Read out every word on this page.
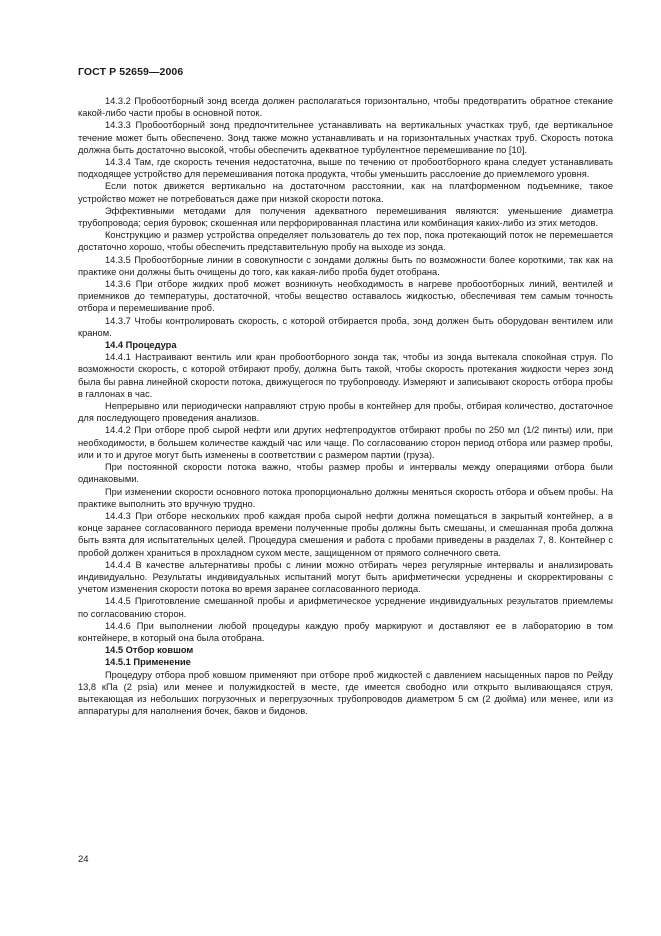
ГОСТ Р 52659—2006

14.3.2 Пробоотборный зонд всегда должен располагаться горизонтально, чтобы предотвратить обратное стекание какой-либо части пробы в основной поток.

14.3.3 Пробоотборный зонд предпочтительнее устанавливать на вертикальных участках труб, где вертикальное течение может быть обеспечено. Зонд также можно устанавливать и на горизонтальных участках труб. Скорость потока должна быть достаточно высокой, чтобы обеспечить адекватное турбулентное перемешивание по [10].

14.3.4 Там, где скорость течения недостаточна, выше по течению от пробоотборного крана следует устанавливать подходящее устройство для перемешивания потока продукта, чтобы уменьшить расслоение до приемлемого уровня.

Если поток движется вертикально на достаточном расстоянии, как на платформенном подъемнике, такое устройство может не потребоваться даже при низкой скорости потока.

Эффективными методами для получения адекватного перемешивания являются: уменьшение диаметра трубопровода; серия буровок; скошенная или перфорированная пластина или комбинация каких-либо из этих методов.

Конструкцию и размер устройства определяет пользователь до тех пор, пока протекающий поток не перемешается достаточно хорошо, чтобы обеспечить представительную пробу на выходе из зонда.

14.3.5 Пробоотборные линии в совокупности с зондами должны быть по возможности более короткими, так как на практике они должны быть очищены до того, как какая-либо проба будет отобрана.

14.3.6 При отборе жидких проб может возникнуть необходимость в нагреве пробоотборных линий, вентилей и приемников до температуры, достаточной, чтобы вещество оставалось жидкостью, обеспечивая тем самым точность отбора и перемешивание проб.

14.3.7 Чтобы контролировать скорость, с которой отбирается проба, зонд должен быть оборудован вентилем или краном.

14.4 Процедура

14.4.1 Настраивают вентиль или кран пробоотборного зонда так, чтобы из зонда вытекала спокойная струя. По возможности скорость, с которой отбирают пробу, должна быть такой, чтобы скорость протекания жидкости через зонд была бы равна линейной скорости потока, движущегося по трубопроводу. Измеряют и записывают скорость отбора пробы в галлонах в час.

Непрерывно или периодически направляют струю пробы в контейнер для пробы, отбирая количество, достаточное для последующего проведения анализов.

14.4.2 При отборе проб сырой нефти или других нефтепродуктов отбирают пробы по 250 мл (1/2 пинты) или, при необходимости, в большем количестве каждый час или чаще. По согласованию сторон период отбора или размер пробы, или и то и другое могут быть изменены в соответствии с размером партии (груза).

При постоянной скорости потока важно, чтобы размер пробы и интервалы между операциями отбора были одинаковыми.

При изменении скорости основного потока пропорционально должны меняться скорость отбора и объем пробы. На практике выполнить это вручную трудно.

14.4.3 При отборе нескольких проб каждая проба сырой нефти должна помещаться в закрытый контейнер, а в конце заранее согласованного периода времени полученные пробы должны быть смешаны, и смешанная проба должна быть взята для испытательных целей. Процедура смешения и работа с пробами приведены в разделах 7, 8. Контейнер с пробой должен храниться в прохладном сухом месте, защищенном от прямого солнечного света.

14.4.4 В качестве альтернативы пробы с линии можно отбирать через регулярные интервалы и анализировать индивидуально. Результаты индивидуальных испытаний могут быть арифметически усреднены и скорректированы с учетом изменения скорости потока во время заранее согласованного периода.

14.4.5 Приготовление смешанной пробы и арифметическое усреднение индивидуальных результатов приемлемы по согласованию сторон.

14.4.6 При выполнении любой процедуры каждую пробу маркируют и доставляют ее в лабораторию в том контейнере, в который она была отобрана.

14.5 Отбор ковшом

14.5.1 Применение

Процедуру отбора проб ковшом применяют при отборе проб жидкостей с давлением насыщенных паров по Рейду 13,8 кПа (2 psia) или менее и полужидкостей в месте, где имеется свободно или открыто выливающаяся струя, вытекающая из небольших погрузочных и перегрузочных трубопроводов диаметром 5 см (2 дюйма) или менее, или из аппаратуры для наполнения бочек, баков и бидонов.

24
